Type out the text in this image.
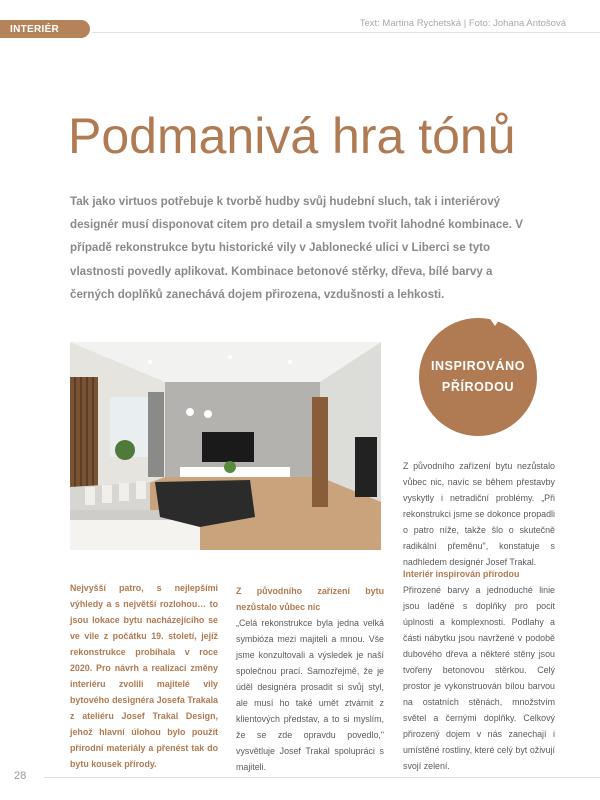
INTERIÉR	Text: Martina Rychetská | Foto: Johana Antošová
Podmanivá hra tónů

Tak jako virtuos potřebuje k tvorbě hudby svůj hudební sluch, tak i interiérový designér musí disponovat citem pro detail a smyslem tvořit lahodné kombinace. V případě rekonstrukce bytu historické vily v Jablonecké ulici v Liberci se tyto vlastnosti povedly aplikovat. Kombinace betonové stěrky, dřeva, bílé barvy a černých doplňků zanechává dojem přirozena, vzdušnosti a lehkosti.

INSPIROVÁNO
PŘÍRODOU

Z původního zařízení bytu nezůstalo vůbec nic, navíc se během přestavby vyskytly i netradiční problémy. „Při rekonstrukci jsme se dokonce propadli o patro níže, takže šlo o skutečně radikální přeměnu", konstatuje s nadhledem designér Josef Trakal.

Nejvyšší patro, s nejlepšími výhledy a s největší rozlohou… to jsou lokace bytu nacházejícího se ve vile z počátku 19. století, jejíž rekonstrukce probíhala v roce 2020. Pro návrh a realizaci změny interiéru zvolili majitelé vily bytového designéra Josefa Trakala z ateliéru Josef Trakal Design, jehož hlavní úlohou bylo použít přírodní materiály a přenést tak do bytu kousek přírody.

Z původního zařízení bytu nezůstalo vůbec nic
„Celá rekonstrukce byla jedna velká symbióza mezi majiteli a mnou. Vše jsme konzultovali a výsledek je naší společnou prací. Samozřejmě, že je úděl designéra prosadit si svůj styl, ale musí ho také umět ztvárnit z klientových představ, a to si myslím, že se zde opravdu povedlo," vysvětluje Josef Trakal spolupráci s majiteli.
Interiér inspirován přírodou
Přirozené barvy a jednoduché linie jsou laděné s doplňky pro pocit úplnosti a komplexnosti. Podlahy a části nábytku jsou navržené v podobě dubového dřeva a některé stěny jsou tvořeny betonovou stěrkou. Celý prostor je vykonstruován bílou barvou na ostatních stěnách, množstvím světel a černými doplňky. Celkový přirozený dojem v nás zanechají i umístěné rostliny, které celý byt oživují svojí zelení.
28
